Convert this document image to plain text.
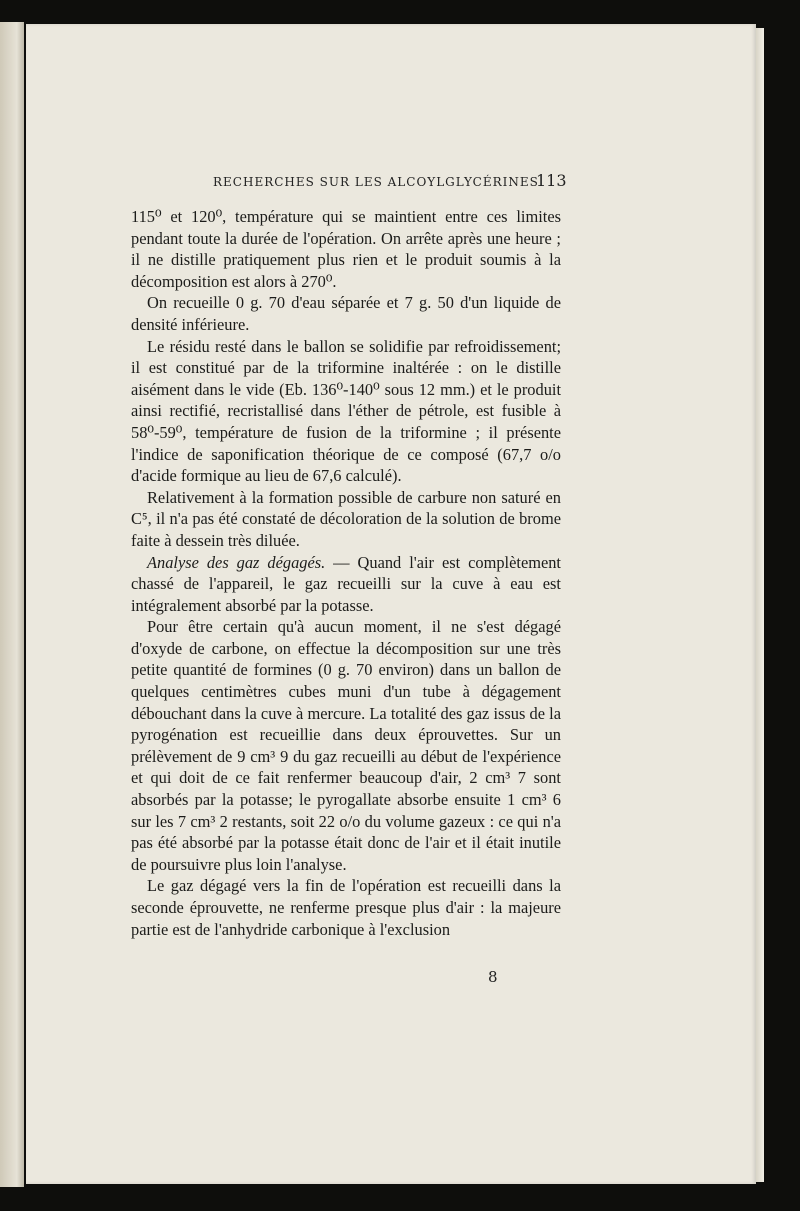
RECHERCHES SUR LES ALCOYLGLYCÉRINES
113

115⁰ et 120⁰, température qui se maintient entre ces limites pendant toute la durée de l'opération. On arrête après une heure ; il ne distille pratiquement plus rien et le produit soumis à la décomposition est alors à 270⁰.

On recueille 0 g. 70 d'eau séparée et 7 g. 50 d'un liquide de densité inférieure.

Le résidu resté dans le ballon se solidifie par refroidissement; il est constitué par de la triformine inaltérée : on le distille aisément dans le vide (Eb. 136⁰-140⁰ sous 12 mm.) et le produit ainsi rectifié, recristallisé dans l'éther de pétrole, est fusible à 58⁰-59⁰, température de fusion de la triformine ; il présente l'indice de saponification théorique de ce composé (67,7 o/o d'acide formique au lieu de 67,6 calculé).

Relativement à la formation possible de carbure non saturé en C⁵, il n'a pas été constaté de décoloration de la solution de brome faite à dessein très diluée.

Analyse des gaz dégagés. — Quand l'air est complètement chassé de l'appareil, le gaz recueilli sur la cuve à eau est intégralement absorbé par la potasse.

Pour être certain qu'à aucun moment, il ne s'est dégagé d'oxyde de carbone, on effectue la décomposition sur une très petite quantité de formines (0 g. 70 environ) dans un ballon de quelques centimètres cubes muni d'un tube à dégagement débouchant dans la cuve à mercure. La totalité des gaz issus de la pyrogénation est recueillie dans deux éprouvettes. Sur un prélèvement de 9 cm³ 9 du gaz recueilli au début de l'expérience et qui doit de ce fait renfermer beaucoup d'air, 2 cm³ 7 sont absorbés par la potasse; le pyrogallate absorbe ensuite 1 cm³ 6 sur les 7 cm³ 2 restants, soit 22 o/o du volume gazeux : ce qui n'a pas été absorbé par la potasse était donc de l'air et il était inutile de poursuivre plus loin l'analyse.

Le gaz dégagé vers la fin de l'opération est recueilli dans la seconde éprouvette, ne renferme presque plus d'air : la majeure partie est de l'anhydride carbonique à l'exclusion

8
